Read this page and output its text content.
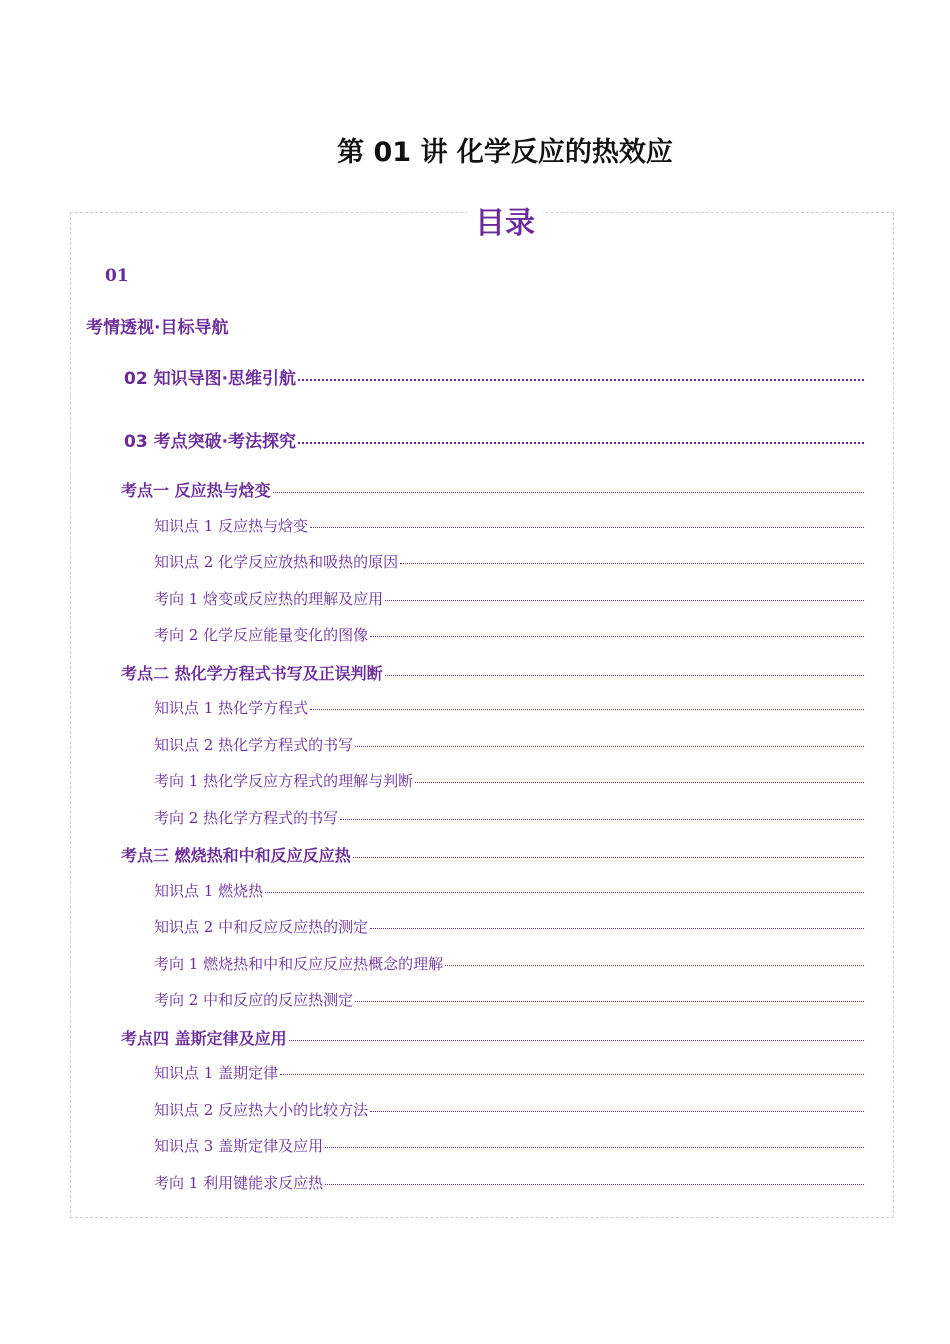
第 01 讲 化学反应的热效应
目录
01
考情透视·目标导航
02 知识导图·思维引航
03 考点突破·考法探究
考点一 反应热与焓变
知识点 1 反应热与焓变
知识点 2 化学反应放热和吸热的原因
考向 1 焓变或反应热的理解及应用
考向 2 化学反应能量变化的图像
考点二 热化学方程式书写及正误判断
知识点 1 热化学方程式
知识点 2 热化学方程式的书写
考向 1 热化学反应方程式的理解与判断
考向 2 热化学方程式的书写
考点三 燃烧热和中和反应反应热
知识点 1 燃烧热
知识点 2 中和反应反应热的测定
考向 1 燃烧热和中和反应反应热概念的理解
考向 2 中和反应的反应热测定
考点四 盖斯定律及应用
知识点 1 盖期定律
知识点 2 反应热大小的比较方法
知识点 3 盖斯定律及应用
考向 1 利用键能求反应热
